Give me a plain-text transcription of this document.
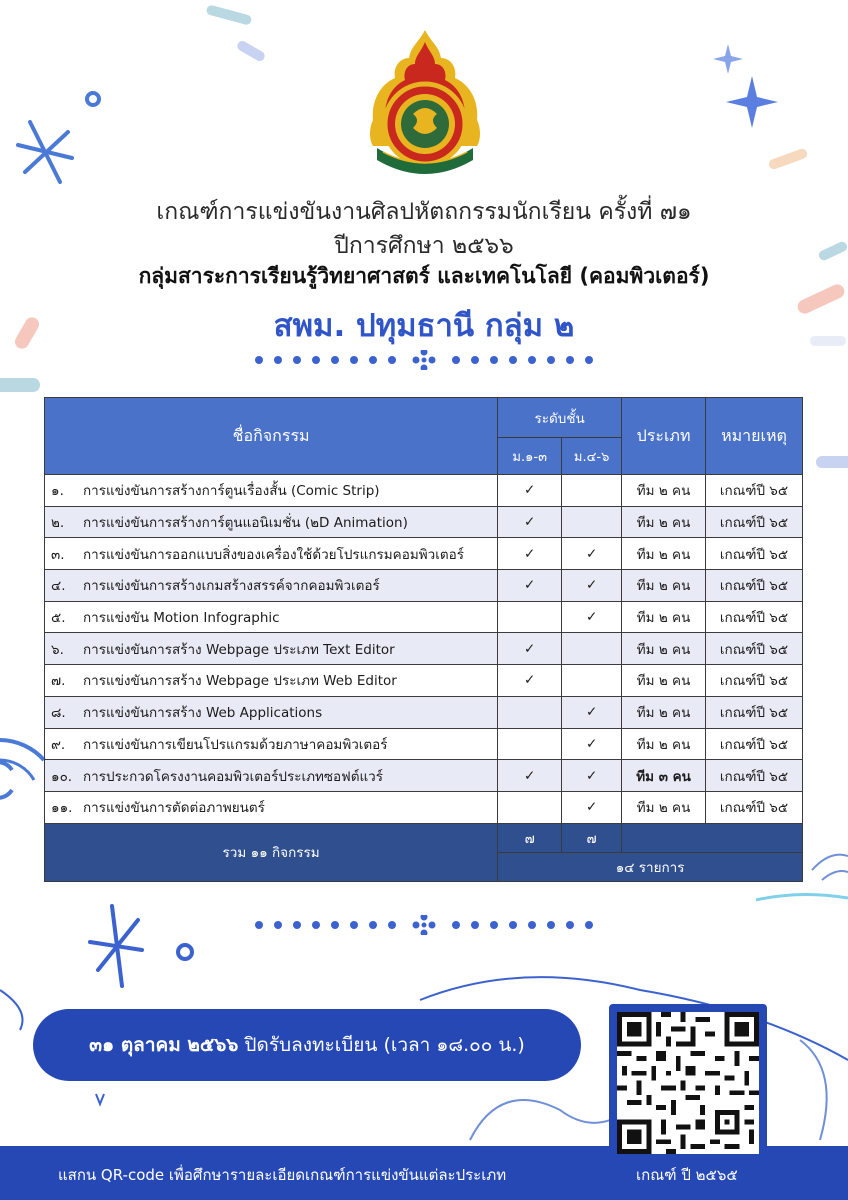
เกณฑ์การแข่งขันงานศิลปหัตถกรรมนักเรียน ครั้งที่ ๗๑
ปีการศึกษา ๒๕๖๖
กลุ่มสาระการเรียนรู้วิทยาศาสตร์ และเทคโนโลยี (คอมพิวเตอร์)
สพม. ปทุมธานี กลุ่ม ๒
ชื่อกิจกรรม	ระดับชั้น		ประเภท	หมายเหตุ
	ม.๑-๓	ม.๔-๖		
๑. การแข่งขันการสร้างการ์ตูนเรื่องสั้น (Comic Strip)	✓		ทีม ๒ คน	เกณฑ์ปี ๖๕
๒. การแข่งขันการสร้างการ์ตูนแอนิเมชั่น (๒D Animation)	✓		ทีม ๒ คน	เกณฑ์ปี ๖๕
๓. การแข่งขันการออกแบบสิ่งของเครื่องใช้ด้วยโปรแกรมคอมพิวเตอร์	✓	✓	ทีม ๒ คน	เกณฑ์ปี ๖๕
๔. การแข่งขันการสร้างเกมสร้างสรรค์จากคอมพิวเตอร์	✓	✓	ทีม ๒ คน	เกณฑ์ปี ๖๕
๕. การแข่งขัน Motion Infographic		✓	ทีม ๒ คน	เกณฑ์ปี ๖๕
๖. การแข่งขันการสร้าง Webpage ประเภท Text Editor	✓		ทีม ๒ คน	เกณฑ์ปี ๖๕
๗. การแข่งขันการสร้าง Webpage ประเภท Web Editor	✓		ทีม ๒ คน	เกณฑ์ปี ๖๕
๘. การแข่งขันการสร้าง Web Applications		✓	ทีม ๒ คน	เกณฑ์ปี ๖๕
๙. การแข่งขันการเขียนโปรแกรมด้วยภาษาคอมพิวเตอร์		✓	ทีม ๒ คน	เกณฑ์ปี ๖๕
๑๐. การประกวดโครงงานคอมพิวเตอร์ประเภทซอฟต์แวร์	✓	✓	ทีม ๓ คน	เกณฑ์ปี ๖๕
๑๑. การแข่งขันการตัดต่อภาพยนตร์		✓	ทีม ๒ คน	เกณฑ์ปี ๖๕
รวม ๑๑ กิจกรรม	๗	๗		
	๑๔ รายการ			
๓๑ ตุลาคม ๒๕๖๖ ปิดรับลงทะเบียน (เวลา ๑๘.๐๐ น.)
แสกน QR-code เพื่อศึกษารายละเอียดเกณฑ์การแข่งขันแต่ละประเภท	เกณฑ์ ปี ๒๕๖๕
